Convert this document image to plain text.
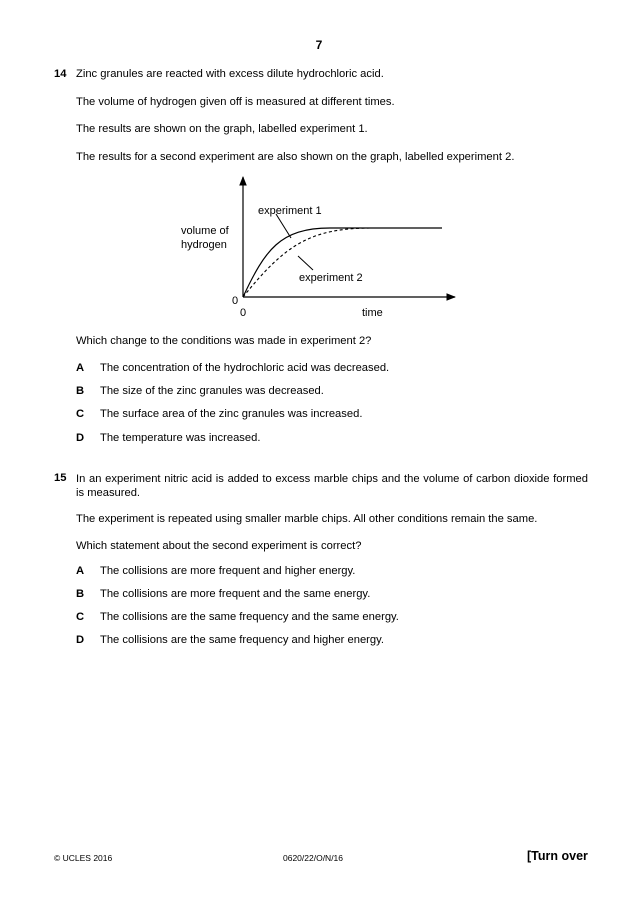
7
14 Zinc granules are reacted with excess dilute hydrochloric acid.
The volume of hydrogen given off is measured at different times.
The results are shown on the graph, labelled experiment 1.
The results for a second experiment are also shown on the graph, labelled experiment 2.
experiment 1
experiment 2
volume of
hydrogen
time
0
0
Which change to the conditions was made in experiment 2?
A The concentration of the hydrochloric acid was decreased.
B The size of the zinc granules was decreased.
C The surface area of the zinc granules was increased.
D The temperature was increased.
15 In an experiment nitric acid is added to excess marble chips and the volume of carbon dioxide formed is measured.
The experiment is repeated using smaller marble chips. All other conditions remain the same.
Which statement about the second experiment is correct?
A The collisions are more frequent and higher energy.
B The collisions are more frequent and the same energy.
C The collisions are the same frequency and the same energy.
D The collisions are the same frequency and higher energy.
© UCLES 2016	0620/22/O/N/16	[Turn over
